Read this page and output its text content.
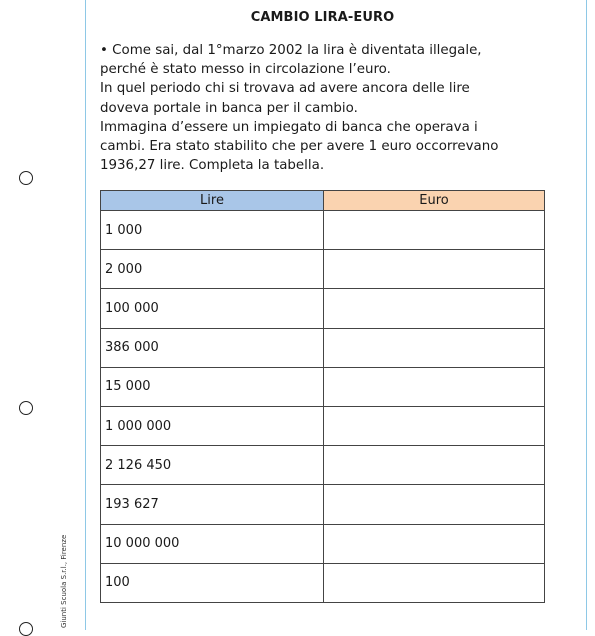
Giunti Scuola S.r.l., Firenze
CAMBIO LIRA-EURO
• Come sai, dal 1°marzo 2002 la lira è diventata illegale,
perché è stato messo in circolazione l’euro.
In quel periodo chi si trovava ad avere ancora delle lire
doveva portale in banca per il cambio.
Immagina d’essere un impiegato di banca che operava i
cambi. Era stato stabilito che per avere 1 euro occorrevano
1936,27 lire. Completa la tabella.
Lire	Euro
1 000	
2 000	
100 000	
386 000	
15 000	
1 000 000	
2 126 450	
193 627	
10 000 000	
100	
